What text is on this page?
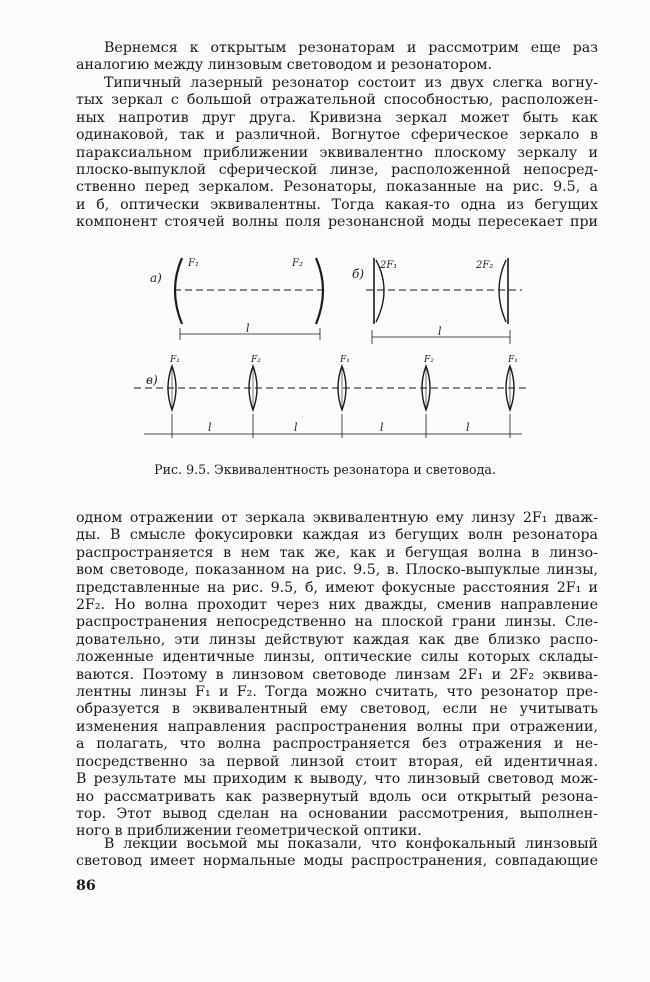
Вернемся к открытым резонаторам и рассмотрим еще раз
аналогию между линзовым световодом и резонатором.

Типичный лазерный резонатор состоит из двух слегка вогну-
тых зеркал с большой отражательной способностью, расположен-
ных напротив друг друга. Кривизна зеркал может быть как
одинаковой, так и различной. Вогнутое сферическое зеркало в
параксиальном приближении эквивалентно плоскому зеркалу и
плоско-выпуклой сферической линзе, расположенной непосред-
ственно перед зеркалом. Резонаторы, показанные на рис. 9.5, а
и б, оптически эквивалентны. Тогда какая-то одна из бегущих
компонент стоячей волны поля резонансной моды пересекает при

а)
F₁	F₂
l
б)
2F₁	2F₂
l
в)
F₁	F₂	F₁	F₂	F₁
l	l	l	l
Рис. 9.5. Эквивалентность резонатора и световода.

одном отражении от зеркала эквивалентную ему линзу 2F₁ дваж-
ды. В смысле фокусировки каждая из бегущих волн резонатора
распространяется в нем так же, как и бегущая волна в линзо-
вом световоде, показанном на рис. 9.5, в. Плоско-выпуклые линзы,
представленные на рис. 9.5, б, имеют фокусные расстояния 2F₁ и
2F₂. Но волна проходит через них дважды, сменив направление
распространения непосредственно на плоской грани линзы. Сле-
довательно, эти линзы действуют каждая как две близко распо-
ложенные идентичные линзы, оптические силы которых склады-
ваются. Поэтому в линзовом световоде линзам 2F₁ и 2F₂ эквива-
лентны линзы F₁ и F₂. Тогда можно считать, что резонатор пре-
образуется в эквивалентный ему световод, если не учитывать
изменения направления распространения волны при отражении,
а полагать, что волна распространяется без отражения и не-
посредственно за первой линзой стоит вторая, ей идентичная.
В результате мы приходим к выводу, что линзовый световод мож-
но рассматривать как развернутый вдоль оси открытый резона-
тор. Этот вывод сделан на основании рассмотрения, выполнен-
ного в приближении геометрической оптики.

В лекции восьмой мы показали, что конфокальный линзовый
световод имеет нормальные моды распространения, совпадающие

86
